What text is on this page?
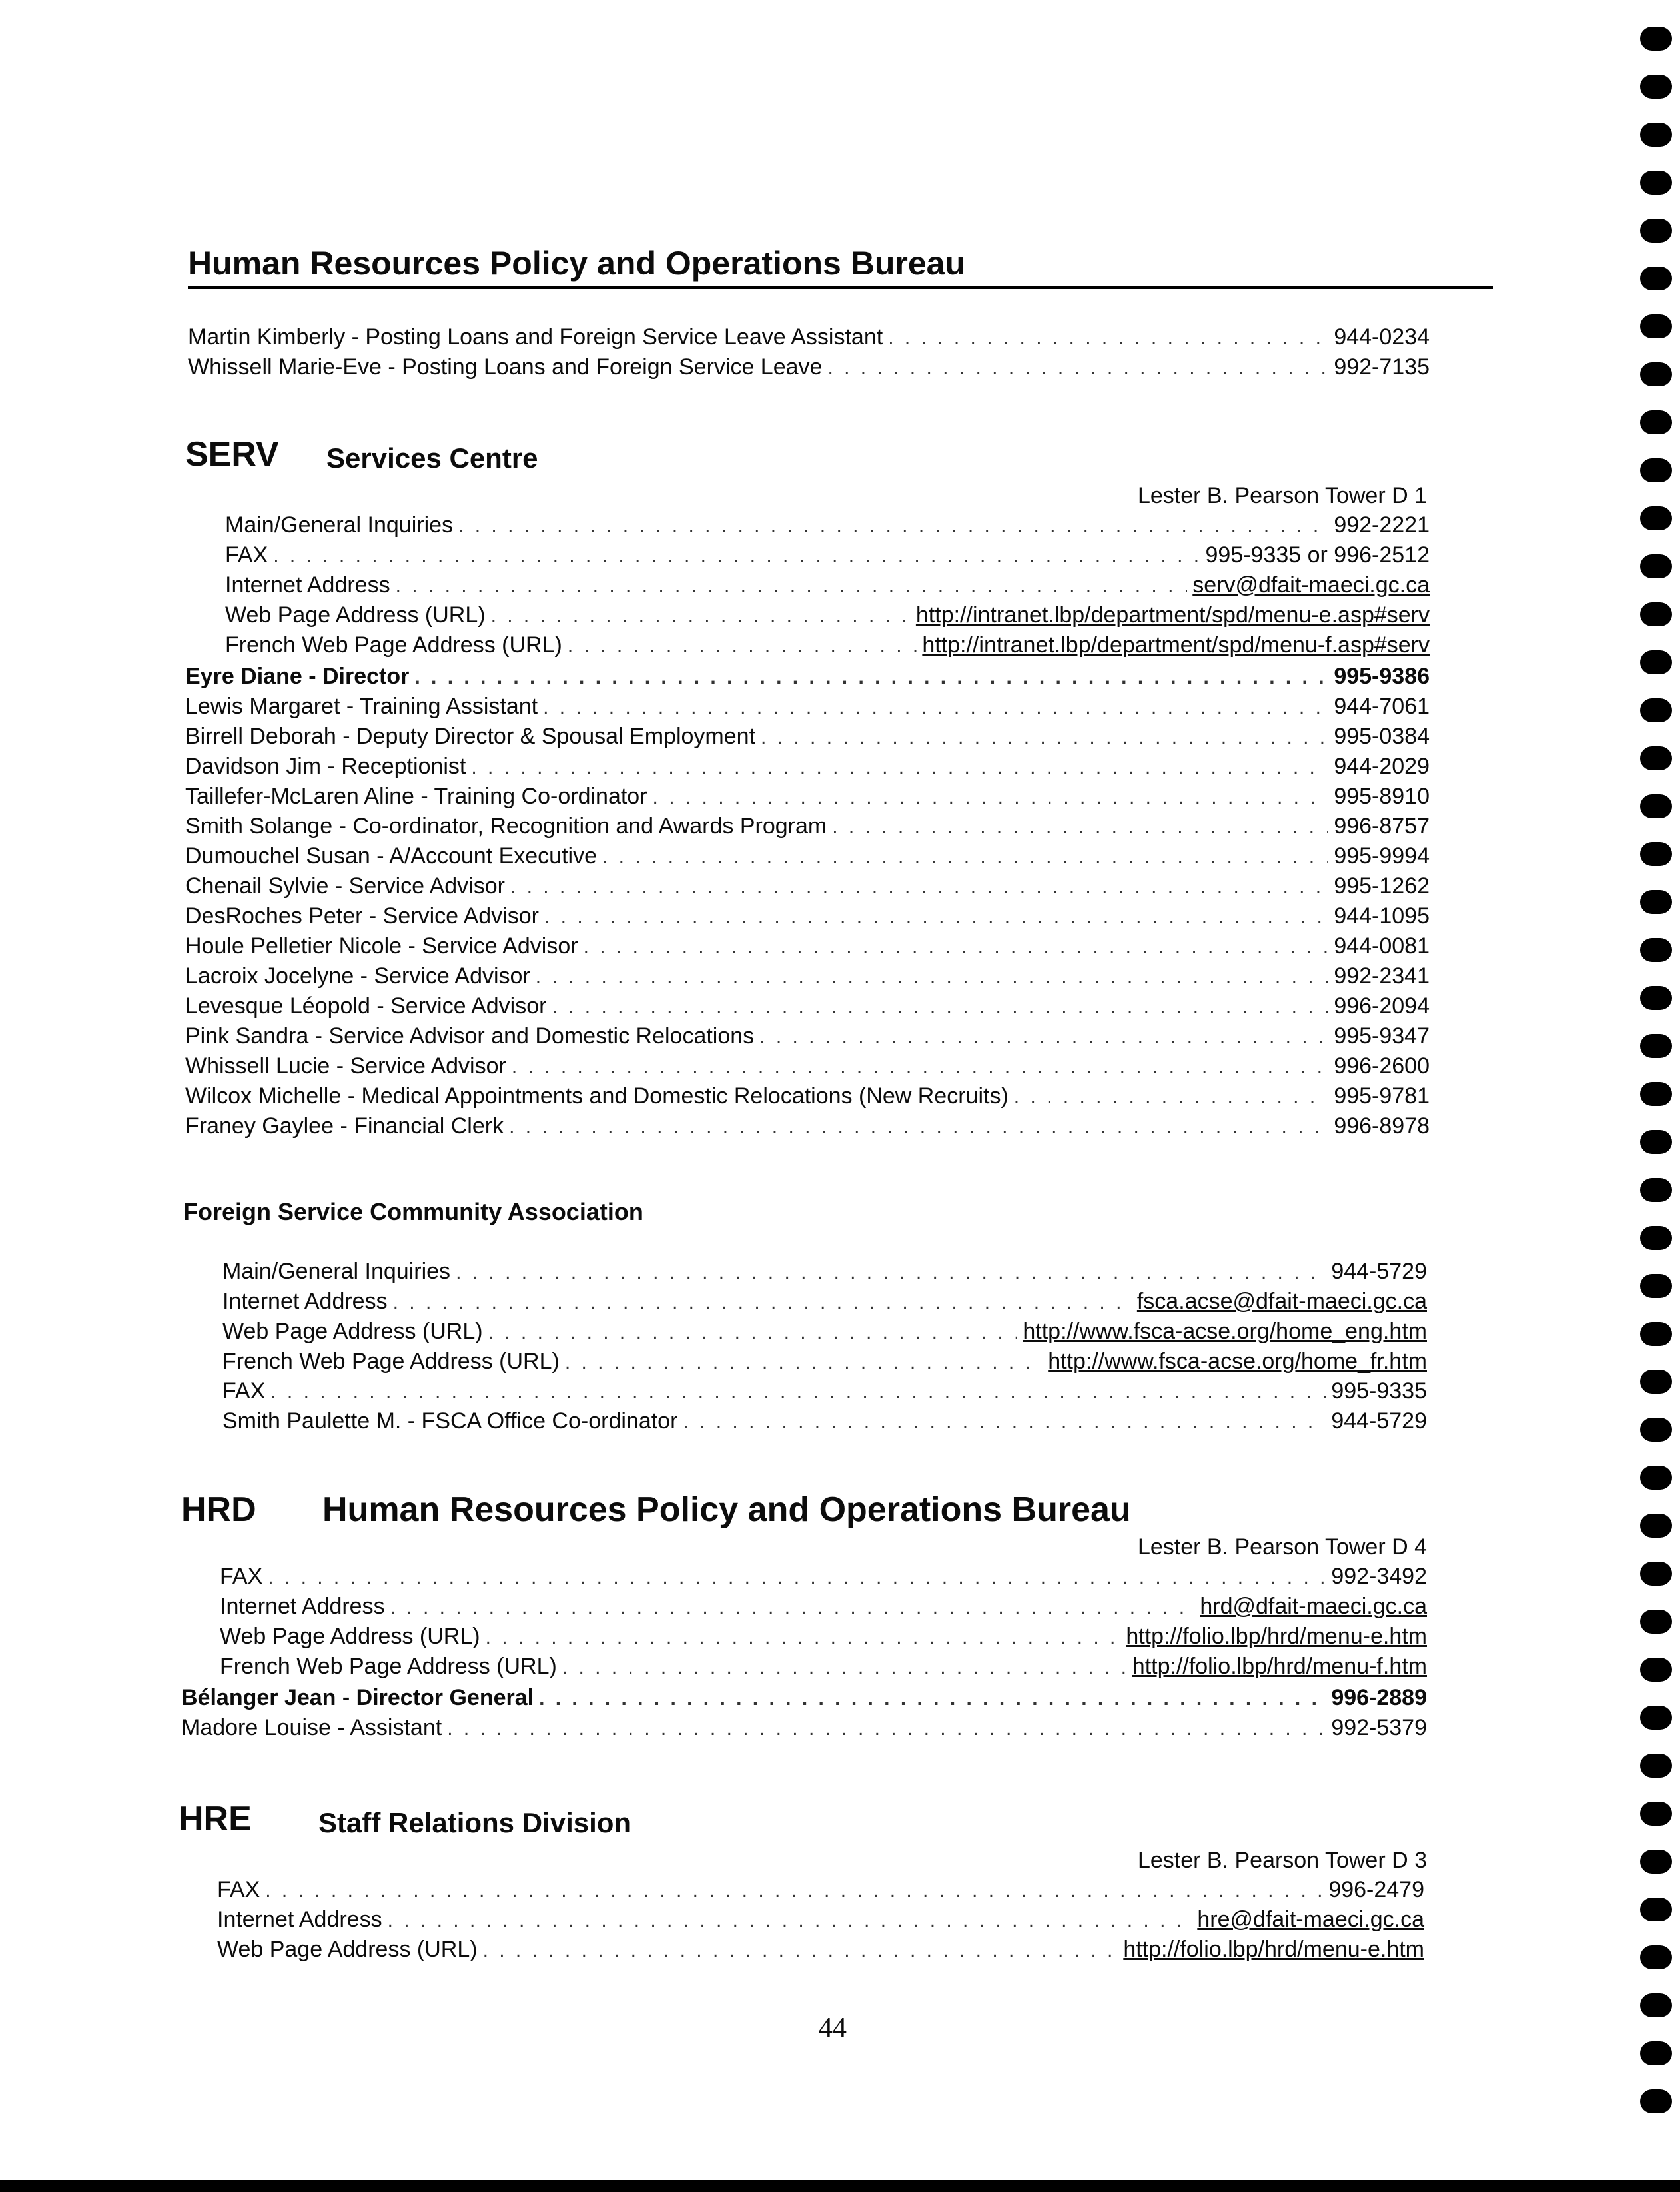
Human Resources Policy and Operations Bureau
Martin Kimberly - Posting Loans and Foreign Service Leave Assistant . . .	944-0234
Whissell Marie-Eve - Posting Loans and Foreign Service Leave . . .	992-7135
Main/General Inquiries . . .	992-2221
FAX . . .	995-9335 or 996-2512
Internet Address . . .	serv@dfait-maeci.gc.ca
Web Page Address (URL) . . .	http://intranet.lbp/department/spd/menu-e.asp#serv
French Web Page Address (URL) . . .	http://intranet.lbp/department/spd/menu-f.asp#serv
Eyre Diane - Director . . .	995-9386
Lewis Margaret - Training Assistant . . .	944-7061
Birrell Deborah - Deputy Director & Spousal Employment . . .	995-0384
Davidson Jim - Receptionist . . .	944-2029
Taillefer-McLaren Aline - Training Co-ordinator . . .	995-8910
Smith Solange - Co-ordinator, Recognition and Awards Program . . .	996-8757
Dumouchel Susan - A/Account Executive . . .	995-9994
Chenail Sylvie - Service Advisor . . .	995-1262
DesRoches Peter - Service Advisor . . .	944-1095
Houle Pelletier Nicole - Service Advisor . . .	944-0081
Lacroix Jocelyne - Service Advisor . . .	992-2341
Levesque Léopold - Service Advisor . . .	996-2094
Pink Sandra - Service Advisor and Domestic Relocations . . .	995-9347
Whissell Lucie - Service Advisor . . .	996-2600
Wilcox Michelle - Medical Appointments and Domestic Relocations (New Recruits) . . .	995-9781
Franey Gaylee - Financial Clerk . . .	996-8978
Main/General Inquiries . . .	944-5729
Internet Address . . .	fsca.acse@dfait-maeci.gc.ca
Web Page Address (URL) . . .	http://www.fsca-acse.org/home_eng.htm
French Web Page Address (URL) . . .	http://www.fsca-acse.org/home_fr.htm
FAX . . .	995-9335
Smith Paulette M. - FSCA Office Co-ordinator . . .	944-5729
FAX . . .	992-3492
Internet Address . . .	hrd@dfait-maeci.gc.ca
Web Page Address (URL) . . .	http://folio.lbp/hrd/menu-e.htm
French Web Page Address (URL) . . .	http://folio.lbp/hrd/menu-f.htm
Bélanger Jean - Director General . . .	996-2889
Madore Louise - Assistant . . .	992-5379
FAX . . .	996-2479
Internet Address . . .	hre@dfait-maeci.gc.ca
Web Page Address (URL) . . .	http://folio.lbp/hrd/menu-e.htm
SERV Services Centre
Lester B. Pearson Tower D 1
Foreign Service Community Association
HRD Human Resources Policy and Operations Bureau
Lester B. Pearson Tower D 4
HRE Staff Relations Division
Lester B. Pearson Tower D 3
44
